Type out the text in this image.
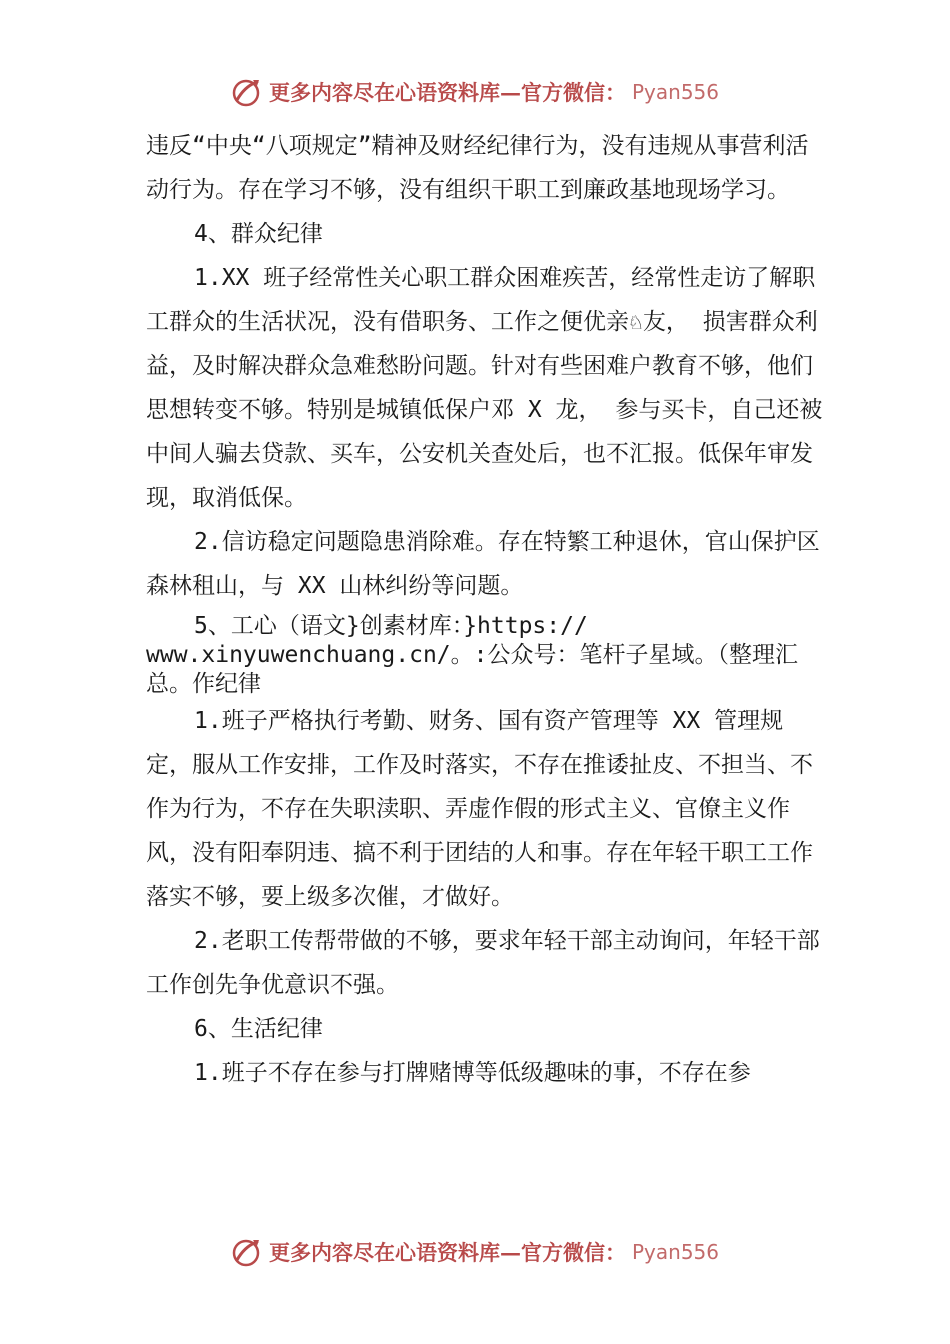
更多内容尽在心语资料库—官方微信： Pyan556

违反“中央“八项规定”精神及财经纪律行为，没有违规从事营利活动行为。存在学习不够，没有组织干职工到廉政基地现场学习。

4、群众纪律

1.XX 班子经常性关心职工群众困难疾苦，经常性走访了解职工群众的生活状况，没有借职务、工作之便优亲♘友， 损害群众利益，及时解决群众急难愁盼问题。针对有些困难户教育不够，他们思想转变不够。特别是城镇低保户邓 X 龙， 参与买卡，自己还被中间人骗去贷款、买车，公安机关查处后，也不汇报。低保年审发现，取消低保。

2.信访稳定问题隐患消除难。存在特繁工种退休，官山保护区森林租山，与 XX 山林纠纷等问题。

5、工心（语文}创素材库：}https:// www.xinyuwenchuang.cn/。:公众号：笔杆子星域。（整理汇总。作纪律

1.班子严格执行考勤、财务、国有资产管理等 XX 管理规定，服从工作安排，工作及时落实，不存在推诿扯皮、不担当、不作为行为，不存在失职渎职、弄虚作假的形式主义、官僚主义作风，没有阳奉阴违、搞不利于团结的人和事。存在年轻干职工工作落实不够，要上级多次催，才做好。

2.老职工传帮带做的不够，要求年轻干部主动询问，年轻干部工作创先争优意识不强。

6、生活纪律

1.班子不存在参与打牌赌博等低级趣味的事，不存在参

更多内容尽在心语资料库—官方微信： Pyan556
